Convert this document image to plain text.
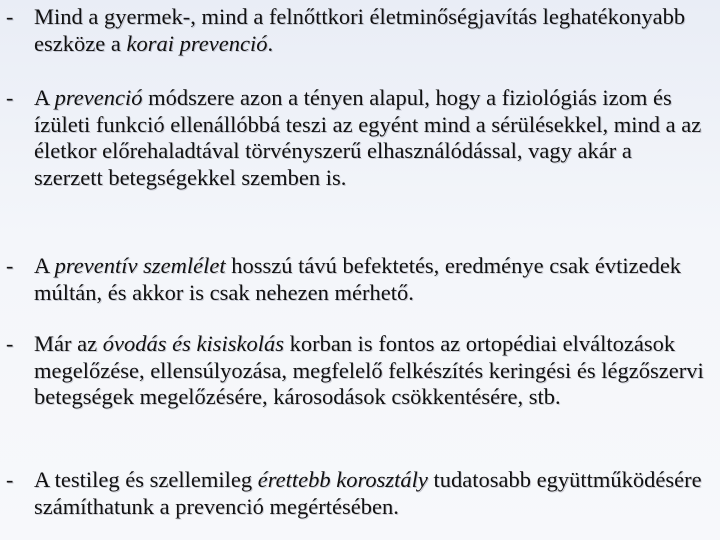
- Mind a gyermek-, mind a felnőttkori életminőségjavítás leghatékonyabb eszköze a korai prevenció.
- A prevenció módszere azon a tényen alapul, hogy a fiziológiás izom és ízületi funkció ellenállóbbá teszi az egyént mind a sérülésekkel, mind a az életkor előrehaladtával törvényszerű elhasználódással, vagy akár a szerzett betegségekkel szemben is.
- A preventív szemlélet hosszú távú befektetés, eredménye csak évtizedek múltán, és akkor is csak nehezen mérhető.
- Már az óvodás és kisiskolás korban is fontos az ortopédiai elváltozások megelőzése, ellensúlyozása, megfelelő felkészítés keringési és légzőszervi betegségek megelőzésére, károsodások csökkentésére, stb.
- A testileg és szellemileg érettebb korosztály tudatosabb együttműködésére számíthatunk a prevenció megértésében.
